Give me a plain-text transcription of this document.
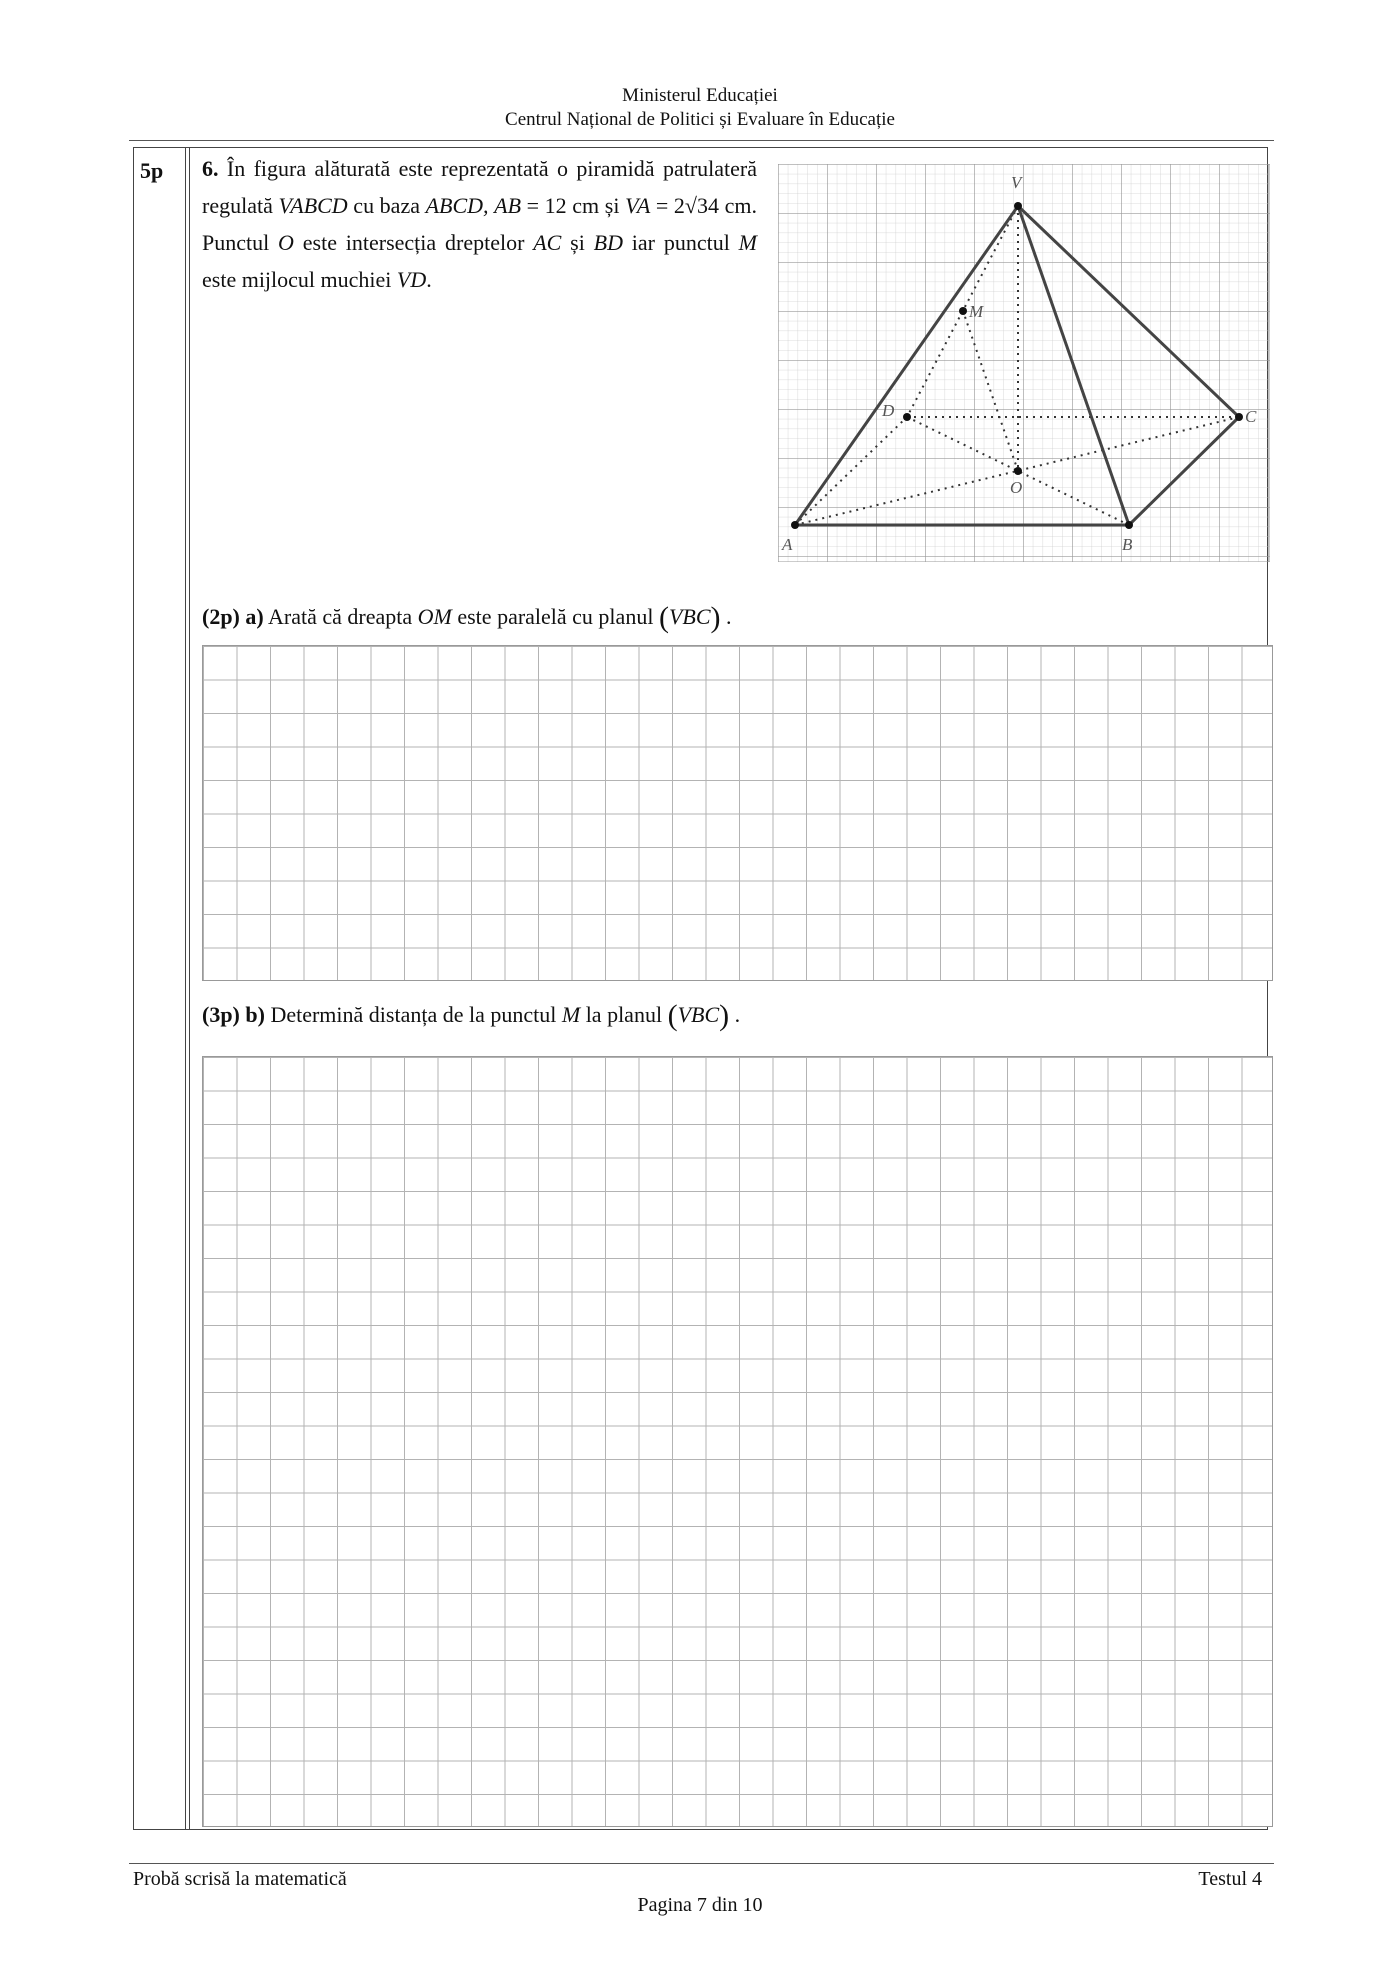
Ministerul Educației
Centrul Național de Politici și Evaluare în Educație
5p 6. În figura alăturată este reprezentată o piramidă patrulateră regulată VABCD cu baza ABCD, AB = 12 cm și VA = 2√34 cm. Punctul O este intersecția dreptelor AC și BD iar punctul M este mijlocul muchiei VD.
V
A	B
C
D
O
M
(2p) a) Arată că dreapta OM este paralelă cu planul (VBC) .
(3p) b) Determină distanța de la punctul M la planul (VBC) .
Probă scrisă la matematică	Testul 4
Pagina 7 din 10
